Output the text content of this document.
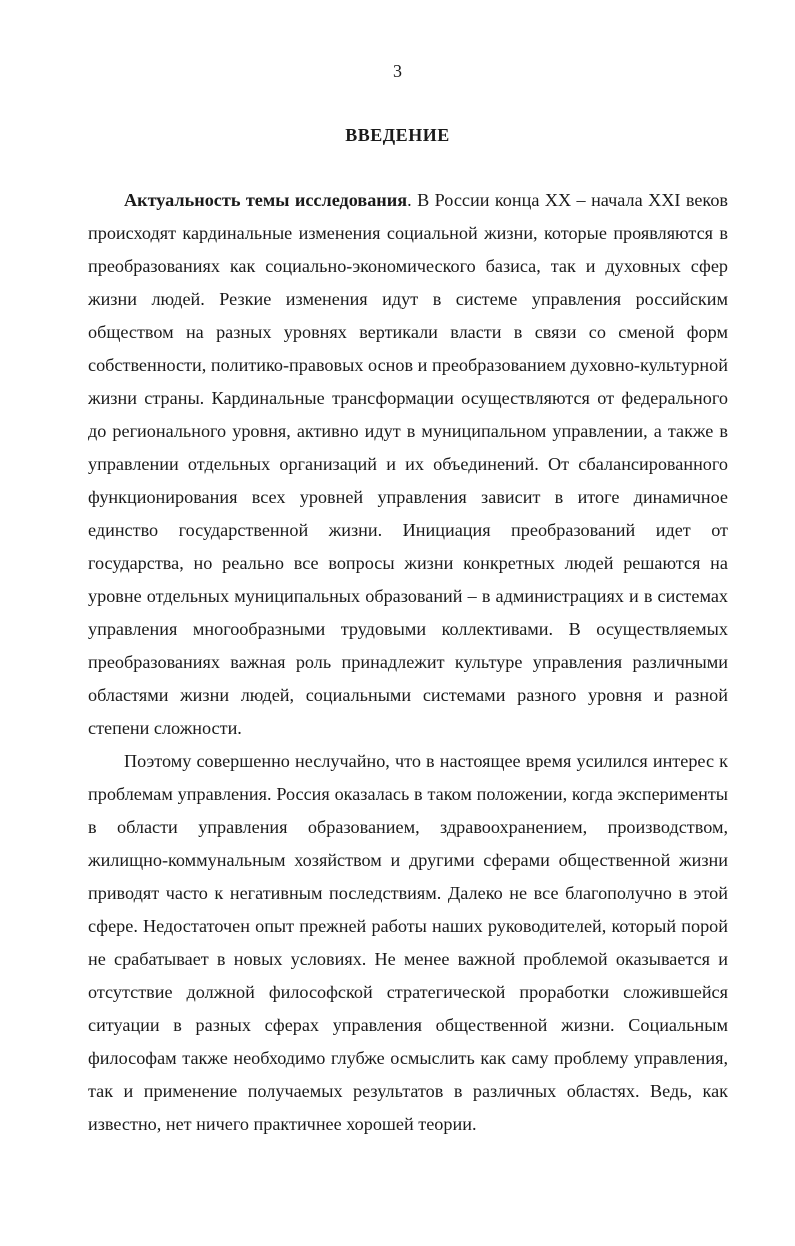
3
ВВЕДЕНИЕ

Актуальность темы исследования. В России конца XX – начала XXI веков происходят кардинальные изменения социальной жизни, которые проявляются в преобразованиях как социально-экономического базиса, так и духовных сфер жизни людей. Резкие изменения идут в системе управления российским обществом на разных уровнях вертикали власти в связи со сменой форм собственности, политико-правовых основ и преобразованием духовно-культурной жизни страны. Кардинальные трансформации осуществляются от федерального до регионального уровня, активно идут в муниципальном управлении, а также в управлении отдельных организаций и их объединений. От сбалансированного функционирования всех уровней управления зависит в итоге динамичное единство государственной жизни. Инициация преобразований идет от государства, но реально все вопросы жизни конкретных людей решаются на уровне отдельных муниципальных образований – в администрациях и в системах управления многообразными трудовыми коллективами. В осуществляемых преобразованиях важная роль принадлежит культуре управления различными областями жизни людей, социальными системами разного уровня и разной степени сложности.

Поэтому совершенно неслучайно, что в настоящее время усилился интерес к проблемам управления. Россия оказалась в таком положении, когда эксперименты в области управления образованием, здравоохранением, производством, жилищно-коммунальным хозяйством и другими сферами общественной жизни приводят часто к негативным последствиям. Далеко не все благополучно в этой сфере. Недостаточен опыт прежней работы наших руководителей, который порой не срабатывает в новых условиях. Не менее важной проблемой оказывается и отсутствие должной философской стратегической проработки сложившейся ситуации в разных сферах управления общественной жизни. Социальным философам также необходимо глубже осмыслить как саму проблему управления, так и применение получаемых результатов в различных областях. Ведь, как известно, нет ничего практичнее хорошей теории.
